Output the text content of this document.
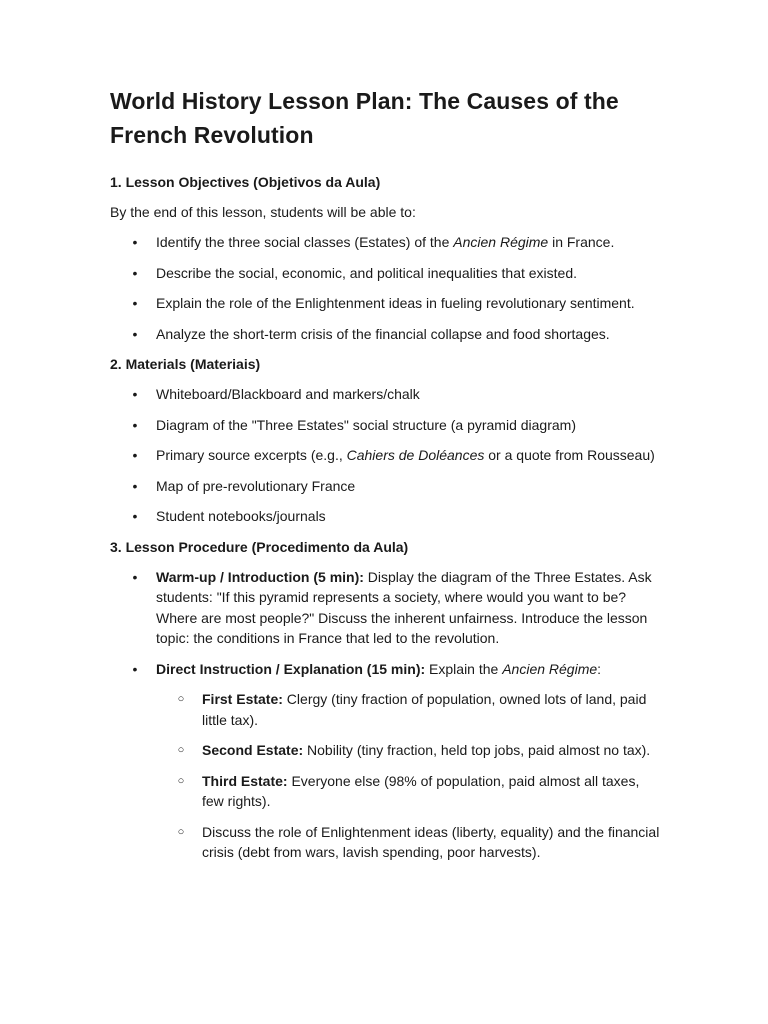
World History Lesson Plan: The Causes of the French Revolution
1. Lesson Objectives (Objetivos da Aula)

By the end of this lesson, students will be able to:

• Identify the three social classes (Estates) of the Ancien Régime in France.
• Describe the social, economic, and political inequalities that existed.
• Explain the role of the Enlightenment ideas in fueling revolutionary sentiment.
• Analyze the short-term crisis of the financial collapse and food shortages.
2. Materials (Materiais)
• Whiteboard/Blackboard and markers/chalk
• Diagram of the "Three Estates" social structure (a pyramid diagram)
• Primary source excerpts (e.g., Cahiers de Doléances or a quote from Rousseau)
• Map of pre-revolutionary France
• Student notebooks/journals
3. Lesson Procedure (Procedimento da Aula)
• Warm-up / Introduction (5 min): Display the diagram of the Three Estates. Ask students: "If this pyramid represents a society, where would you want to be? Where are most people?" Discuss the inherent unfairness. Introduce the lesson topic: the conditions in France that led to the revolution.
• Direct Instruction / Explanation (15 min): Explain the Ancien Régime:
○ First Estate: Clergy (tiny fraction of population, owned lots of land, paid little tax).
○ Second Estate: Nobility (tiny fraction, held top jobs, paid almost no tax).
○ Third Estate: Everyone else (98% of population, paid almost all taxes, few rights).
○ Discuss the role of Enlightenment ideas (liberty, equality) and the financial crisis (debt from wars, lavish spending, poor harvests).
